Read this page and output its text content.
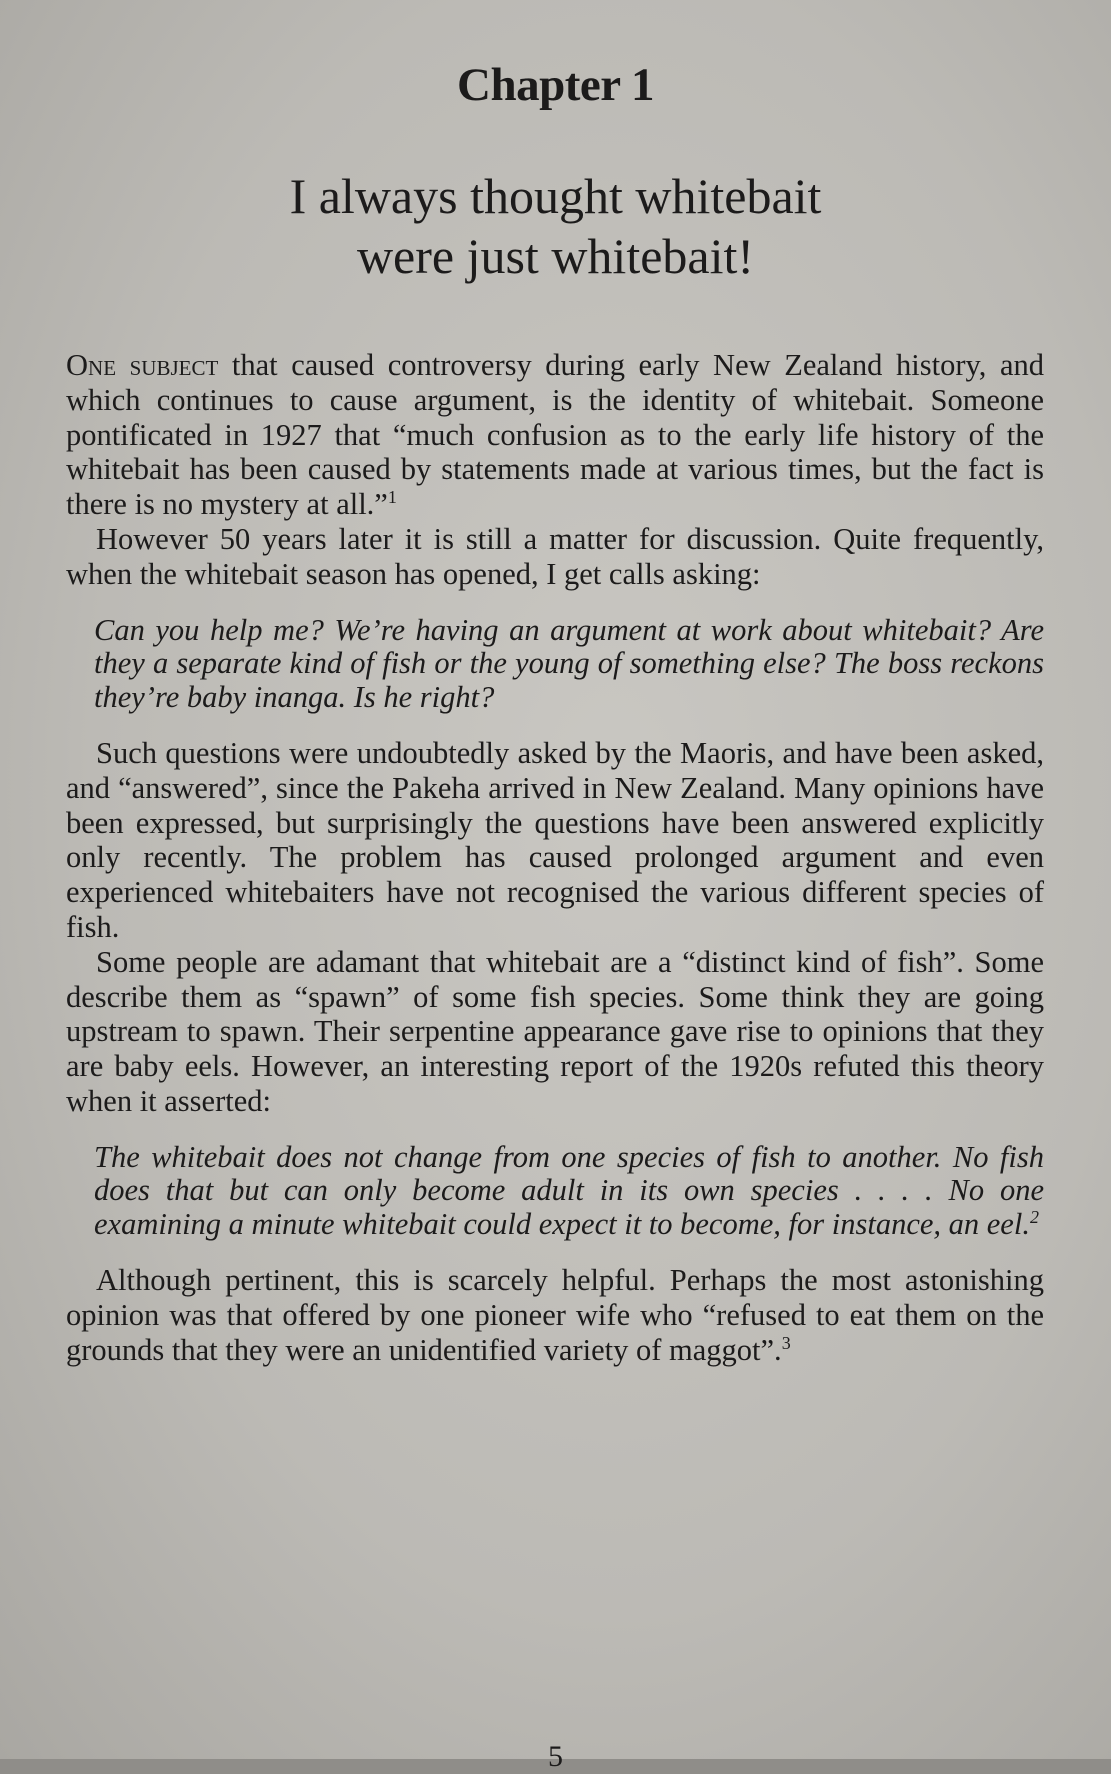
Chapter 1
I always thought whitebait
were just whitebait!

One subject that caused controversy during early New Zealand history, and which continues to cause argument, is the identity of whitebait. Someone pontificated in 1927 that “much confusion as to the early life history of the whitebait has been caused by statements made at various times, but the fact is there is no mystery at all.”$^1$

However 50 years later it is still a matter for discussion. Quite frequently, when the whitebait season has opened, I get calls asking:

Can you help me? We’re having an argument at work about whitebait? Are they a separate kind of fish or the young of something else? The boss reckons they’re baby inanga. Is he right?

Such questions were undoubtedly asked by the Maoris, and have been asked, and “answered”, since the Pakeha arrived in New Zealand. Many opinions have been expressed, but surprisingly the questions have been answered explicitly only recently. The problem has caused prolonged argument and even experienced whitebaiters have not recognised the various different species of fish.

Some people are adamant that whitebait are a “distinct kind of fish”. Some describe them as “spawn” of some fish species. Some think they are going upstream to spawn. Their serpentine appearance gave rise to opinions that they are baby eels. However, an interesting report of the 1920s refuted this theory when it asserted:

The whitebait does not change from one species of fish to another. No fish does that but can only become adult in its own species . . . . No one examining a minute whitebait could expect it to become, for instance, an eel.$^2$

Although pertinent, this is scarcely helpful. Perhaps the most astonishing opinion was that offered by one pioneer wife who “refused to eat them on the grounds that they were an unidentified variety of maggot”.$^3$

5
